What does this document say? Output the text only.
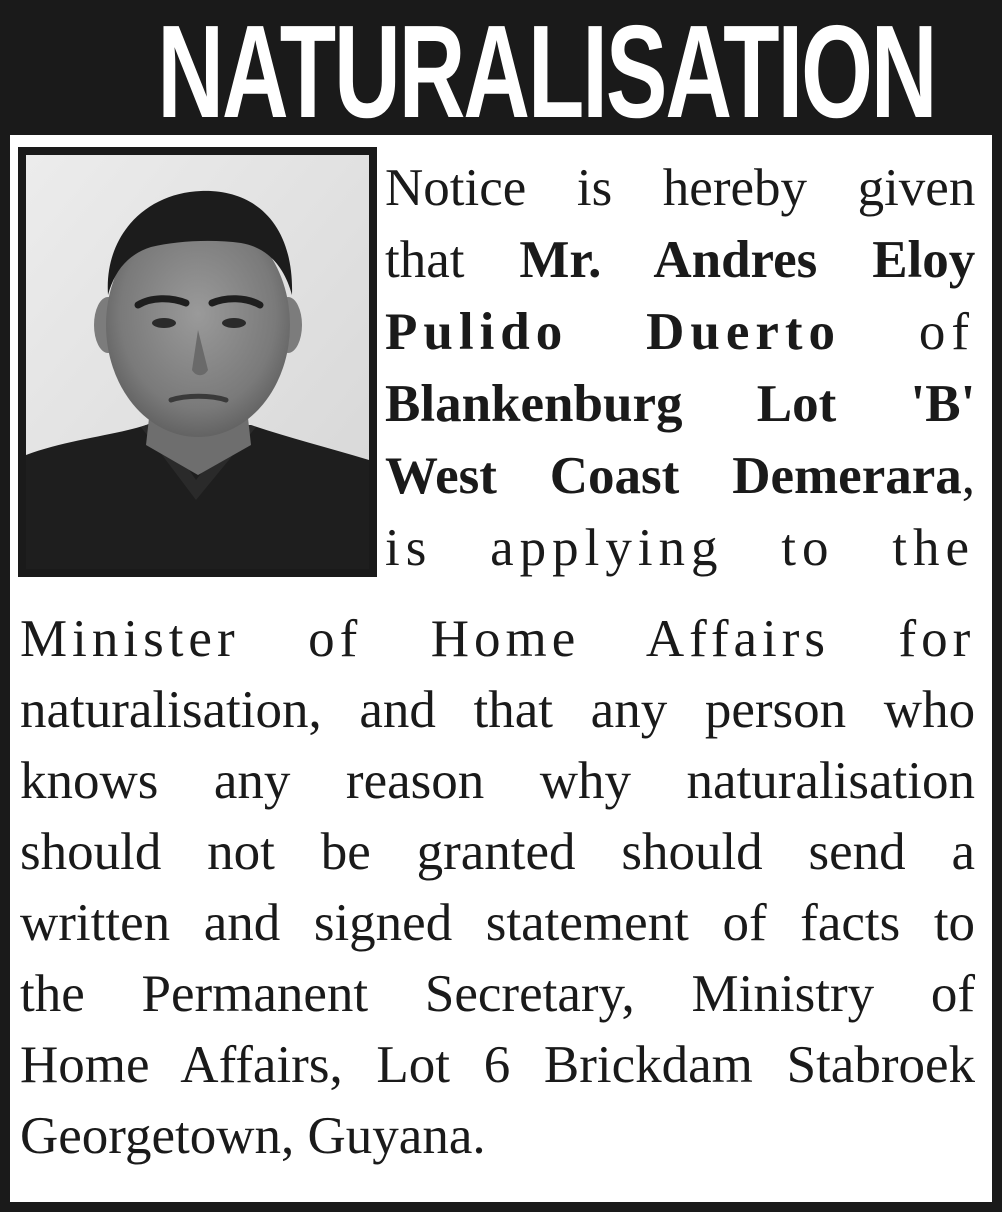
NATURALISATION
Notice is hereby given
that Mr. Andres Eloy
Pulido Duerto of
Blankenburg Lot 'B'
West Coast Demerara,
is applying to the
Minister of Home Affairs for
naturalisation, and that any person who
knows any reason why naturalisation
should not be granted should send a
written and signed statement of facts to
the Permanent Secretary, Ministry of
Home Affairs, Lot 6 Brickdam Stabroek
Georgetown, Guyana.
